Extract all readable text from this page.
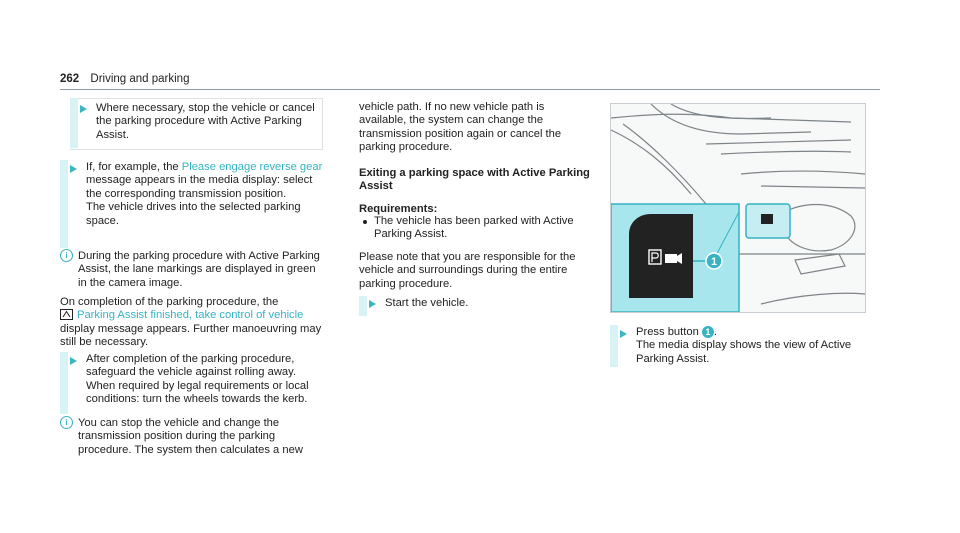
262 Driving and parking

Where necessary, stop the vehicle or cancel the parking procedure with Active Parking Assist.

If, for example, the Please engage reverse gear message appears in the media display: select the corresponding transmission position.
The vehicle drives into the selected parking space.

i During the parking procedure with Active Parking Assist, the lane markings are displayed in green in the camera image.

On completion of the parking procedure, the
Parking Assist finished, take control of vehicle display message appears. Further manoeuvring may still be necessary.

After completion of the parking procedure, safeguard the vehicle against rolling away. When required by legal requirements or local conditions: turn the wheels towards the kerb.

i You can stop the vehicle and change the transmission position during the parking procedure. The system then calculates a new

vehicle path. If no new vehicle path is available, the system can change the transmission position again or cancel the parking procedure.

Exiting a parking space with Active Parking Assist

Requirements:

The vehicle has been parked with Active Parking Assist.

Please note that you are responsible for the vehicle and surroundings during the entire parking procedure.

Start the vehicle.

1

Press button 1 .
The media display shows the view of Active Parking Assist.
